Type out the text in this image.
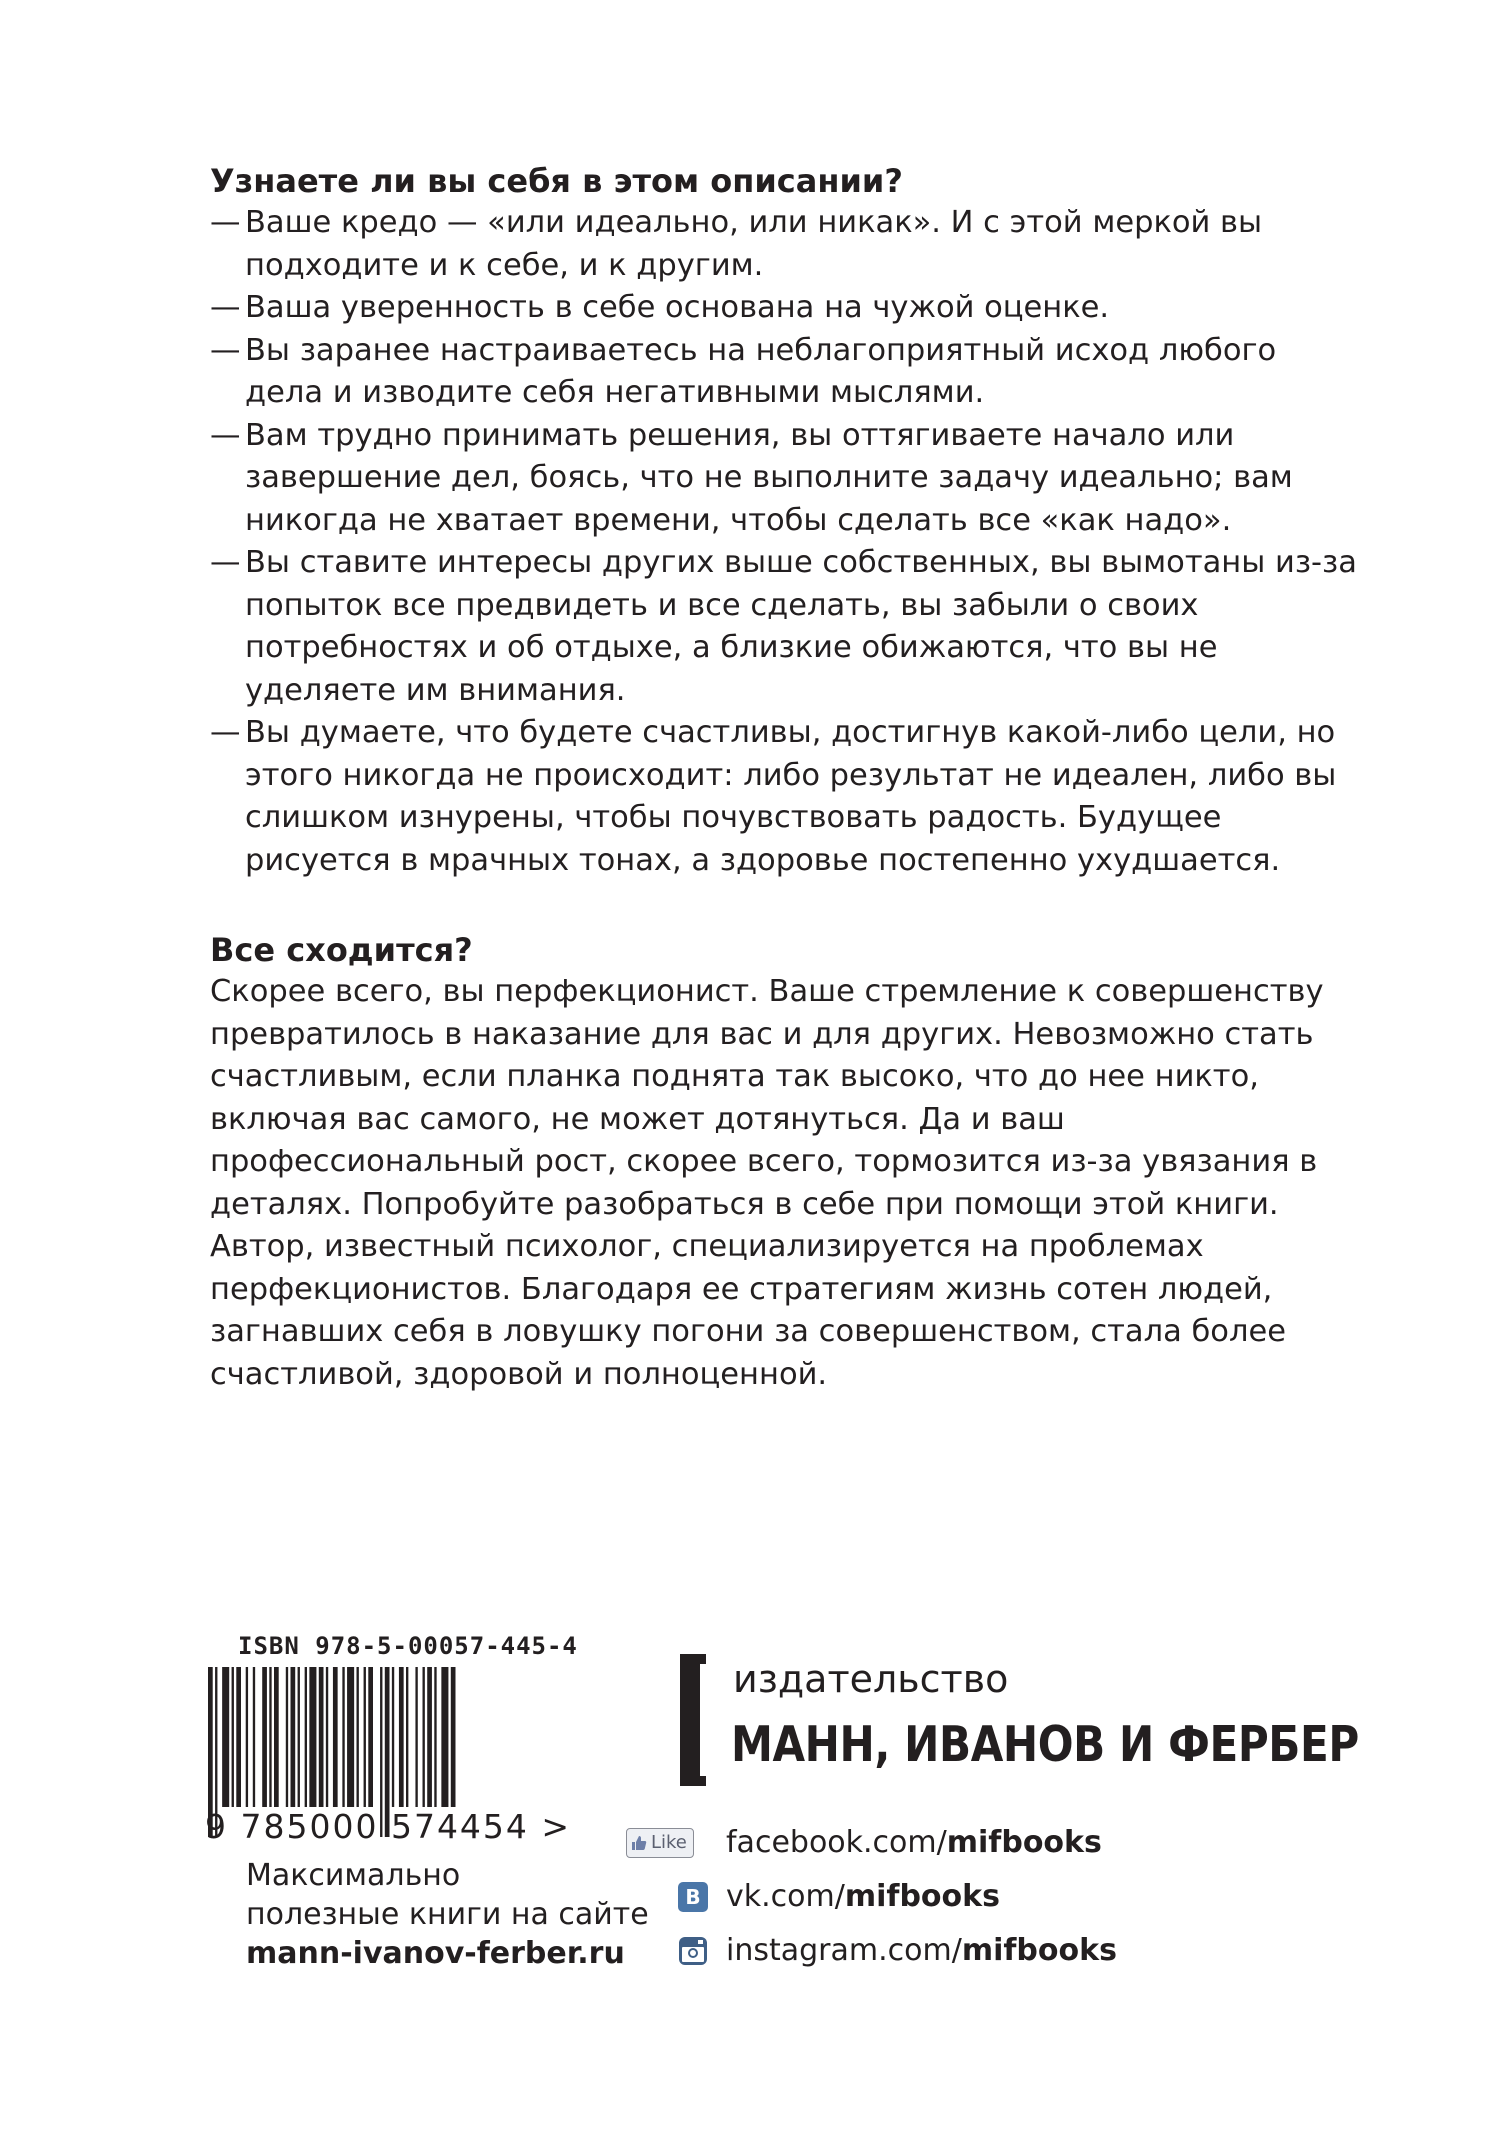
Узнаете ли вы себя в этом описании?
— Ваше кредо — «или идеально, или никак». И с этой меркой вы подходите и к себе, и к другим.
— Ваша уверенность в себе основана на чужой оценке.
— Вы заранее настраиваетесь на неблагоприятный исход любого дела и изводите себя негативными мыслями.
— Вам трудно принимать решения, вы оттягиваете начало или завершение дел, боясь, что не выполните задачу идеально; вам никогда не хватает времени, чтобы сделать все «как надо».
— Вы ставите интересы других выше собственных, вы вымотаны из-за попыток все предвидеть и все сделать, вы забыли о своих потребностях и об отдыхе, а близкие обижаются, что вы не уделяете им внимания.
— Вы думаете, что будете счастливы, достигнув какой-либо цели, но этого никогда не происходит: либо результат не идеален, либо вы слишком изнурены, чтобы почувствовать радость. Будущее рисуется в мрачных тонах, а здоровье постепенно ухудшается.
Все сходится?

Скорее всего, вы перфекционист. Ваше стремление к совершенству превратилось в наказание для вас и для других. Невозможно стать счастливым, если планка поднята так высоко, что до нее никто, включая вас самого, не может дотянуться. Да и ваш профессиональный рост, скорее всего, тормозится из-за увязания в деталях. Попробуйте разобраться в себе при помощи этой книги. Автор, известный психолог, специализируется на проблемах перфекционистов. Благодаря ее стратегиям жизнь сотен людей, загнавших себя в ловушку погони за совершенством, стала более счастливой, здоровой и полноценной.

ISBN 978-5-00057-445-4
9 785000 574454 >
Максимально
полезные книги на сайте
mann-ivanov-ferber.ru
издательство
МАНН, ИВАНОВ И ФЕРБЕР
Like facebook.com/ mifbooks
B vk.com/ mifbooks
instagram.com/ mifbooks
